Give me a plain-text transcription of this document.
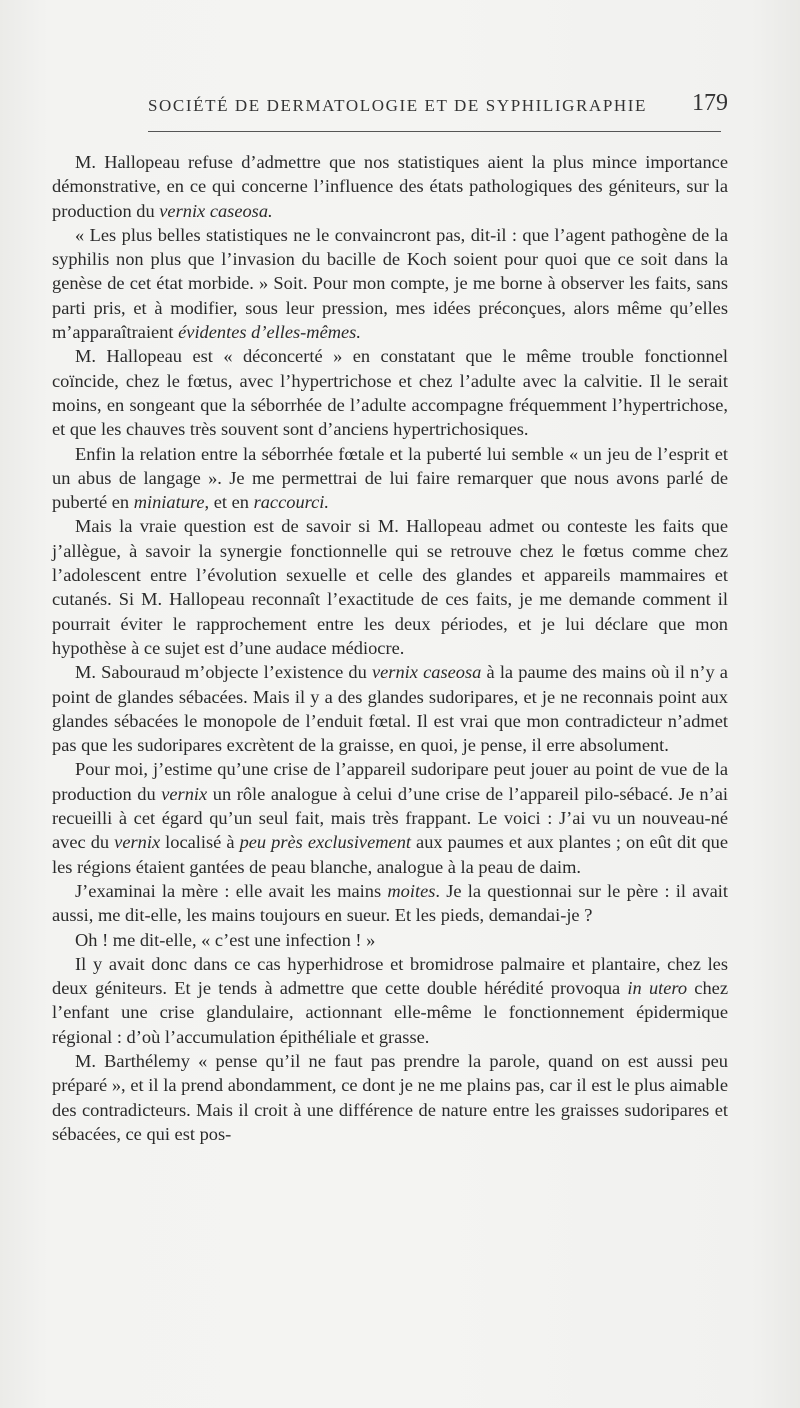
SOCIÉTÉ DE DERMATOLOGIE ET DE SYPHILIGRAPHIE 179

M. Hallopeau refuse d’admettre que nos statistiques aient la plus mince importance démonstrative, en ce qui concerne l’influence des états pathologiques des géniteurs, sur la production du vernix caseosa.

« Les plus belles statistiques ne le convaincront pas, dit-il : que l’agent pathogène de la syphilis non plus que l’invasion du bacille de Koch soient pour quoi que ce soit dans la genèse de cet état morbide. » Soit. Pour mon compte, je me borne à observer les faits, sans parti pris, et à modifier, sous leur pression, mes idées préconçues, alors même qu’elles m’apparaîtraient évidentes d’elles-mêmes.

M. Hallopeau est « déconcerté » en constatant que le même trouble fonctionnel coïncide, chez le fœtus, avec l’hypertrichose et chez l’adulte avec la calvitie. Il le serait moins, en songeant que la séborrhée de l’adulte accompagne fréquemment l’hypertrichose, et que les chauves très souvent sont d’anciens hypertrichosiques.

Enfin la relation entre la séborrhée fœtale et la puberté lui semble « un jeu de l’esprit et un abus de langage ». Je me permettrai de lui faire remarquer que nous avons parlé de puberté en miniature, et en raccourci.

Mais la vraie question est de savoir si M. Hallopeau admet ou conteste les faits que j’allègue, à savoir la synergie fonctionnelle qui se retrouve chez le fœtus comme chez l’adolescent entre l’évolution sexuelle et celle des glandes et appareils mammaires et cutanés. Si M. Hallopeau reconnaît l’exactitude de ces faits, je me demande comment il pourrait éviter le rapprochement entre les deux périodes, et je lui déclare que mon hypothèse à ce sujet est d’une audace médiocre.

M. Sabouraud m’objecte l’existence du vernix caseosa à la paume des mains où il n’y a point de glandes sébacées. Mais il y a des glandes sudoripares, et je ne reconnais point aux glandes sébacées le monopole de l’enduit fœtal. Il est vrai que mon contradicteur n’admet pas que les sudoripares excrètent de la graisse, en quoi, je pense, il erre absolument.

Pour moi, j’estime qu’une crise de l’appareil sudoripare peut jouer au point de vue de la production du vernix un rôle analogue à celui d’une crise de l’appareil pilo-sébacé. Je n’ai recueilli à cet égard qu’un seul fait, mais très frappant. Le voici : J’ai vu un nouveau-né avec du vernix localisé à peu près exclusivement aux paumes et aux plantes ; on eût dit que les régions étaient gantées de peau blanche, analogue à la peau de daim.

J’examinai la mère : elle avait les mains moites. Je la questionnai sur le père : il avait aussi, me dit-elle, les mains toujours en sueur. Et les pieds, demandai-je ?

Oh ! me dit-elle, « c’est une infection ! »

Il y avait donc dans ce cas hyperhidrose et bromidrose palmaire et plantaire, chez les deux géniteurs. Et je tends à admettre que cette double hérédité provoqua in utero chez l’enfant une crise glandulaire, actionnant elle-même le fonctionnement épidermique régional : d’où l’accumulation épithéliale et grasse.

M. Barthélemy « pense qu’il ne faut pas prendre la parole, quand on est aussi peu préparé », et il la prend abondamment, ce dont je ne me plains pas, car il est le plus aimable des contradicteurs. Mais il croit à une différence de nature entre les graisses sudoripares et sébacées, ce qui est pos-
